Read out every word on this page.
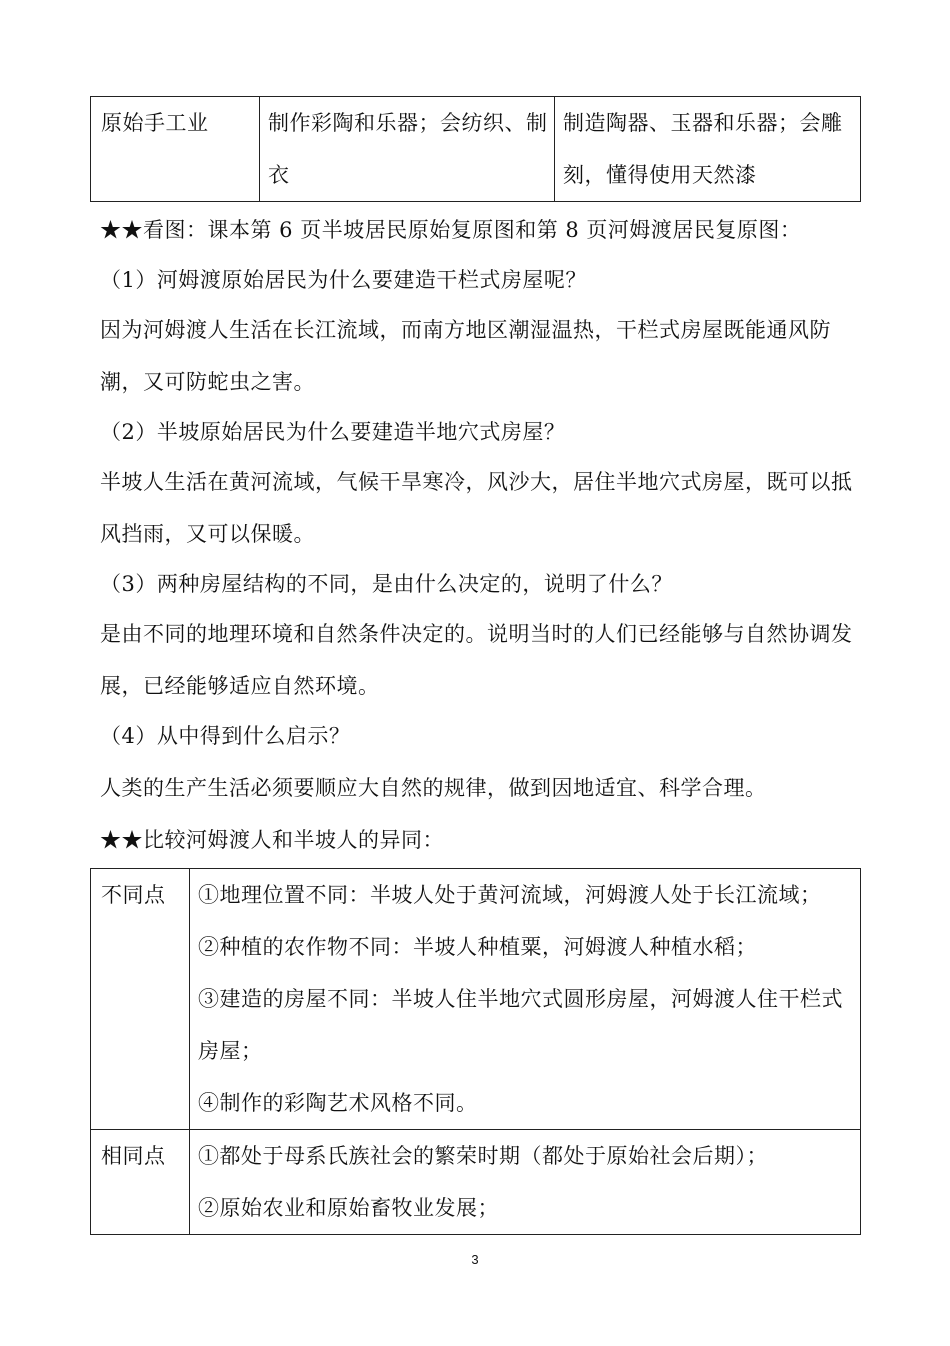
原始手工业	制作彩陶和乐器；会纺织、制衣	制造陶器、玉器和乐器；会雕刻，懂得使用天然漆
★★看图：课本第 6 页半坡居民原始复原图和第 8 页河姆渡居民复原图：
（1）河姆渡原始居民为什么要建造干栏式房屋呢？
因为河姆渡人生活在长江流域，而南方地区潮湿温热，干栏式房屋既能通风防潮，又可防蛇虫之害。
（2）半坡原始居民为什么要建造半地穴式房屋？
半坡人生活在黄河流域，气候干旱寒冷，风沙大，居住半地穴式房屋，既可以抵风挡雨，又可以保暖。
（3）两种房屋结构的不同，是由什么决定的，说明了什么？
是由不同的地理环境和自然条件决定的。说明当时的人们已经能够与自然协调发展，已经能够适应自然环境。
（4）从中得到什么启示？
人类的生产生活必须要顺应大自然的规律，做到因地适宜、科学合理。
★★比较河姆渡人和半坡人的异同：
不同点	①地理位置不同：半坡人处于黄河流域，河姆渡人处于长江流域；
②种植的农作物不同：半坡人种植粟，河姆渡人种植水稻；
③建造的房屋不同：半坡人住半地穴式圆形房屋，河姆渡人住干栏式房屋；
④制作的彩陶艺术风格不同。

相同点	①都处于母系氏族社会的繁荣时期（都处于原始社会后期）；
②原始农业和原始畜牧业发展；
3
